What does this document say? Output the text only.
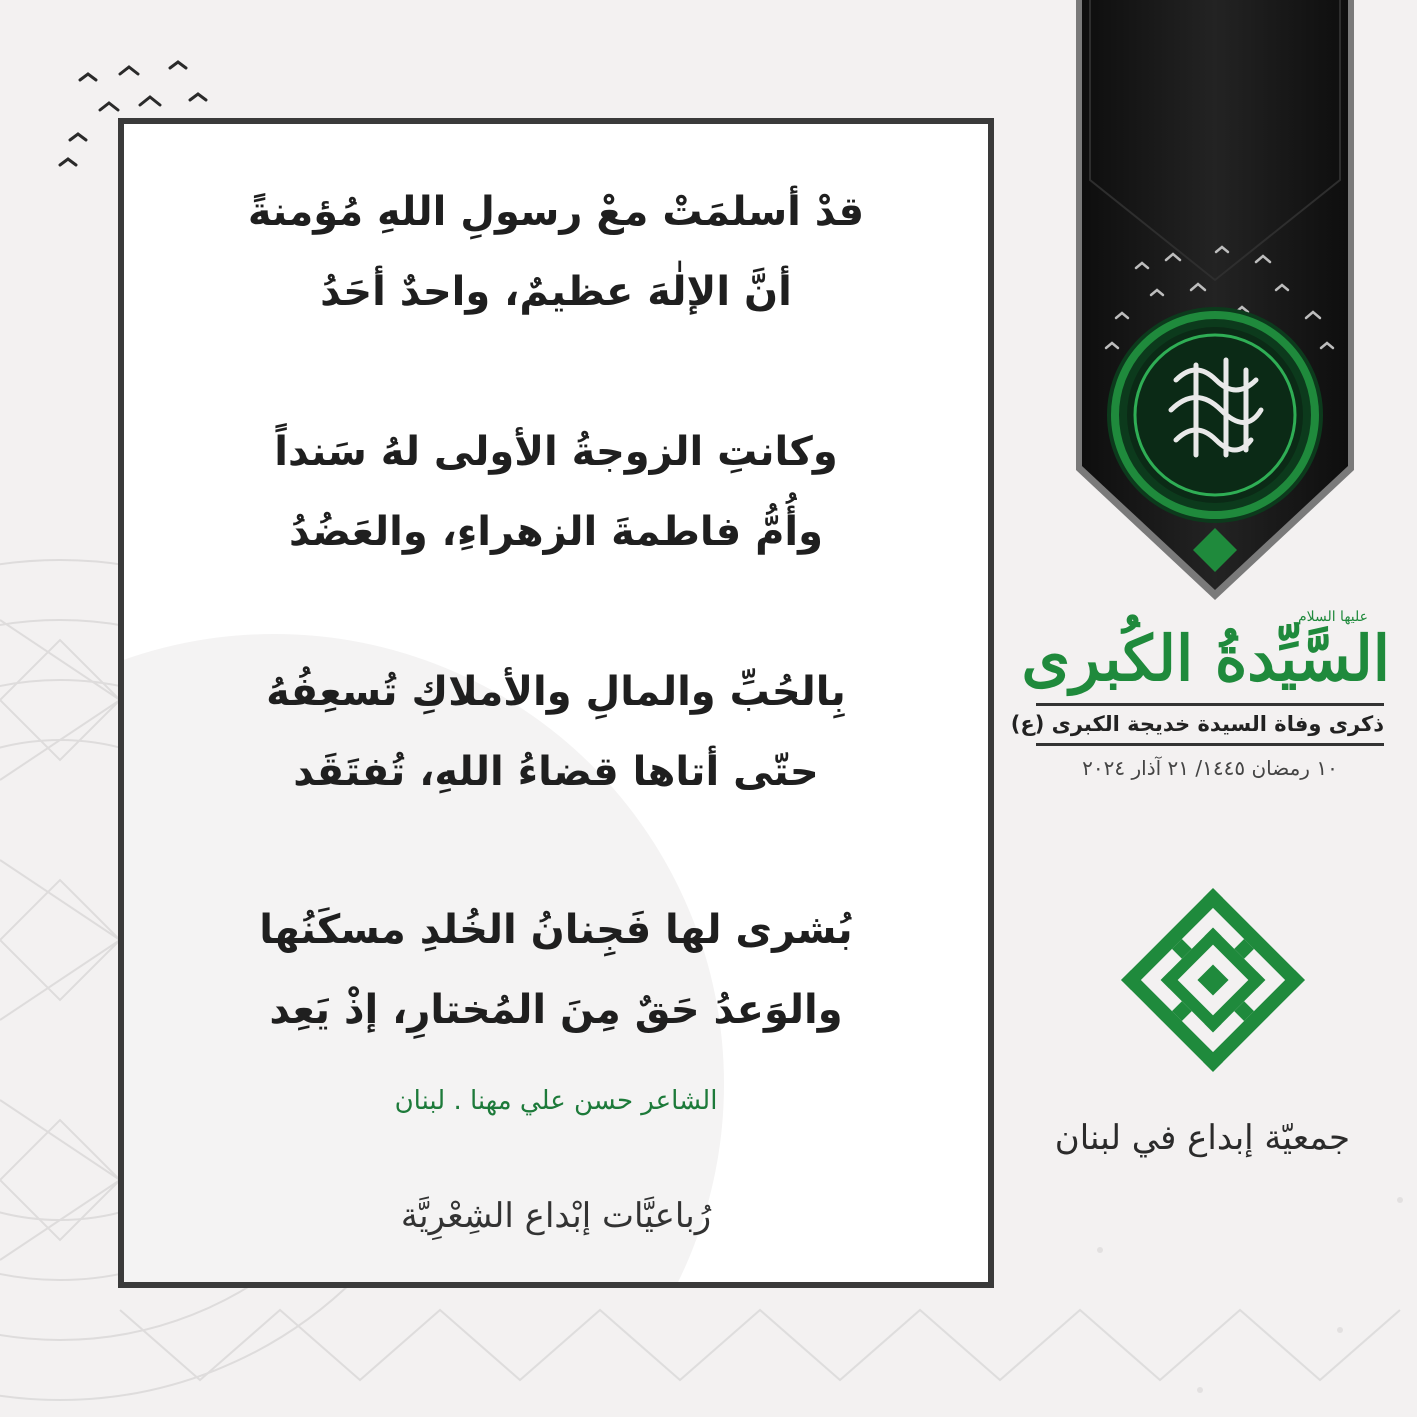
قدْ أسلمَتْ معْ رسولِ اللهِ مُؤمنةً
أنَّ الإلٰهَ عظيمٌ، واحدٌ أحَدُ
وكانتِ الزوجةُ الأولى لهُ سَنداً
وأُمُّ فاطمةَ الزهراءِ، والعَضُدُ
بِالحُبِّ والمالِ والأملاكِ تُسعِفُهُ
حتّى أتاها قضاءُ اللهِ، تُفتَقَد
بُشرى لها فَجِنانُ الخُلدِ مسكَنُها
والوَعدُ حَقٌ مِنَ المُختارِ، إذْ يَعِد
الشاعر حسن علي مهنا . لبنان
رُباعيَّات إبْداع الشِعْرِيَّة
عليها السلام
السَّيِّدةُ الكُبرى
ذكرى وفاة السيدة خديجة الكبرى (ع)
١٠ رمضان ١٤٤٥/ ٢١ آذار ٢٠٢٤
جمعيّة إبداع في لبنان
